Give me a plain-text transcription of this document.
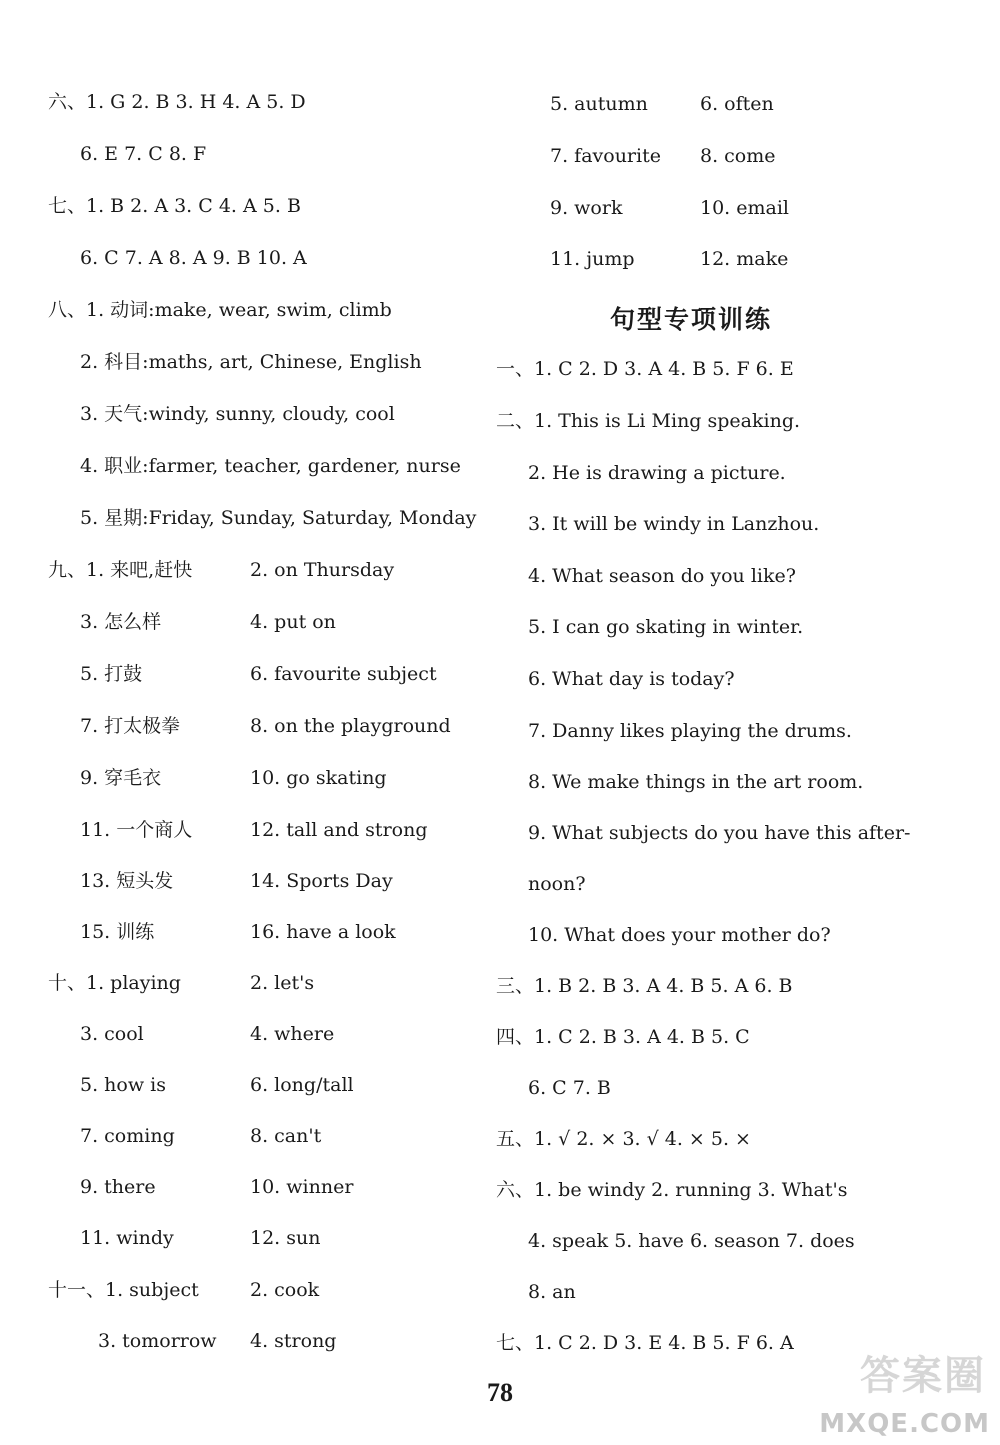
六、1. G 2. B 3. H 4. A 5. D
6. E 7. C 8. F
七、1. B 2. A 3. C 4. A 5. B
6. C 7. A 8. A 9. B 10. A
八、1. 动词:make, wear, swim, climb
2. 科目:maths, art, Chinese, English
3. 天气:windy, sunny, cloudy, cool
4. 职业:farmer, teacher, gardener, nurse
5. 星期:Friday, Sunday, Saturday, Monday
九、1. 来吧,赶快	2. on Thursday
3. 怎么样	4. put on
5. 打鼓	6. favourite subject
7. 打太极拳	8. on the playground
9. 穿毛衣	10. go skating
11. 一个商人	12. tall and strong
13. 短头发	14. Sports Day
15. 训练	16. have a look
十、1. playing	2. let's
3. cool	4. where
5. how is	6. long/tall
7. coming	8. can't
9. there	10. winner
11. windy	12. sun
十一、1. subject	2. cook
3. tomorrow 4. strong
5. autumn	6. often
7. favourite 8. come
9. work	10. email
11. jump	12. make
句型专项训练
一、1. C 2. D 3. A 4. B 5. F 6. E
二、1. This is Li Ming speaking.
2. He is drawing a picture.
3. It will be windy in Lanzhou.
4. What season do you like?
5. I can go skating in winter.
6. What day is today?
7. Danny likes playing the drums.
8. We make things in the art room.
9. What subjects do you have this after-
noon?
10. What does your mother do?
三、1. B 2. B 3. A 4. B 5. A 6. B
四、1. C 2. B 3. A 4. B 5. C
6. C 7. B
五、1. √ 2. × 3. √ 4. × 5. ×
六、1. be windy 2. running 3. What's
4. speak 5. have 6. season 7. does
8. an
七、1. C 2. D 3. E 4. B 5. F 6. A
78	答案圈
MXQE.COM
